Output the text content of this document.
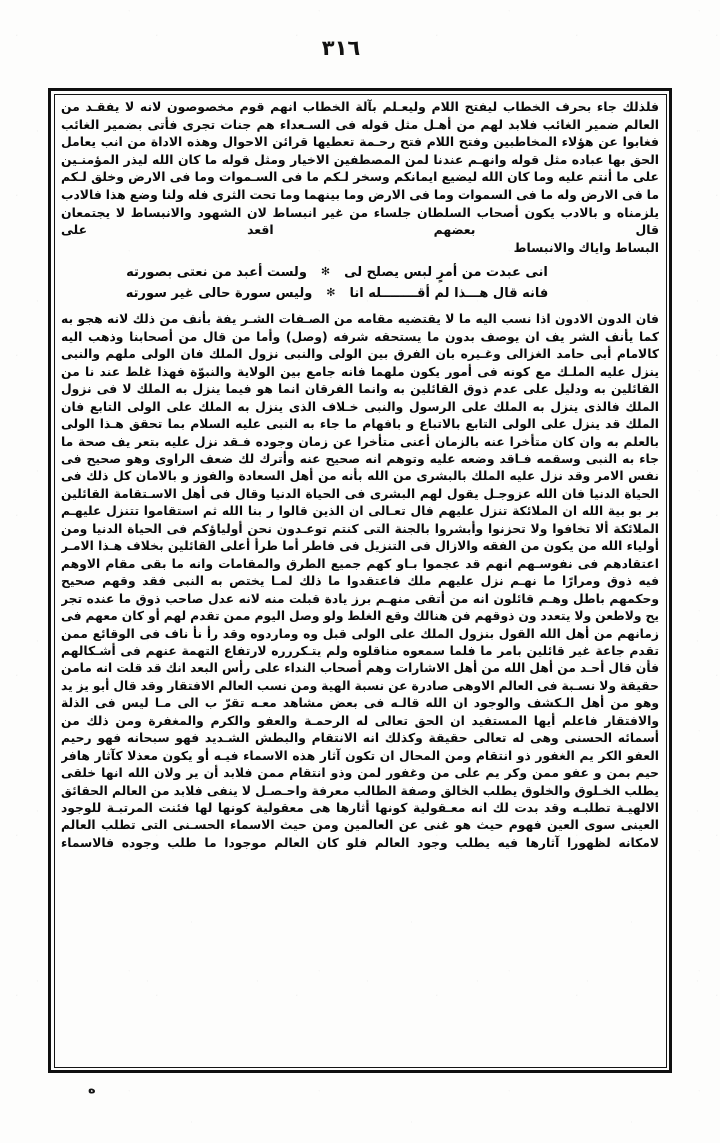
٣١٦

فلذلك جاء بحرف الخطاب ليفتح اللام وليعـلم بآلة الخطاب انهم قوم مخصوصون لانه لا يفقـد من العالم ضمير الغائب فلابد لهم من أهـل مثل قوله فى السـعداء هم جنات تجرى فأتى بضمير الغائب فغابوا عن هؤلاء المخاطبين وفتح اللام فتح رحـمة تعطيها قرائن الاحوال وهذه الاداة من انب يعامل الحق بها عباده مثل قوله وانهـم عندنا لمن المصطفين الاخيار ومثل قوله ما كان الله ليذر المؤمنـين على ما أنتم عليه وما كان الله ليضيع ايمانكم وسخر لـكم ما فى السـموات وما فى الارض وخلق لـكم ما فى الارض وله ما فى السموات وما فى الارض وما بينهما وما تحت الثرى فله ولنا وضع هذا فالادب يلزمناه و بالادب يكون أصحاب السلطان جلساء من غير انبساط لان الشهود والانبساط لا يجتمعان قال بعضهم اقعد على

البساط واياك والانبساط

انى عبدت من أمرٍ لبس يصلح لى
✻
ولست أعبد من نعتى بصورته
فانه قال هـــذا لم أقــــــــله انا
✻
وليس سورة حالى غير سورته

فان الدون الادون اذا نسب اليه ما لا يقتضيه مقامه من الصـفات الشـر يفة بأنف من ذلك لانه هجو به كما يأنف الشر يف ان يوصف بدون ما يستحقه شرفه (وصل) وأما من قال من أصحابنا وذهب اليه كالامام أبى حامد الغزالى وغـيره بان الفرق بين الولى والنبى نزول الملك فان الولى ملهم والنبى ينزل عليه الملـك مع كونه فى أمور يكون ملهما فانه جامع بين الولاية والنبوّة فهذا غلط عند نا من القائلين به ودليل على عدم ذوق القائلين به وانما الفرقان انما هو فيما ينزل به الملك لا فى نزول الملك فالذى ينزل به الملك على الرسول والنبى خـلاف الذى ينزل به الملك على الولى التابع فان الملك قد ينزل على الولى التابع بالاتباع و بافهام ما جاء به النبى عليه السلام بما تحقق هـذا الولى بالعلم به وان كان متأخرا عنه بالزمان أعنى متأخرا عن زمان وجوده فـقد نزل عليه بتعر يف صحة ما جاء به النبى وسقمه فـاقد وضعه عليه وتوهم انه صحيح عنه وأترك لك ضعف الراوى وهو صحيح فى نفس الامر وقد نزل عليه الملك بالبشرى من الله بأنه من أهل السعادة والفوز و بالامان كل ذلك فى الحياة الدنيا فان الله عزوجـل يقول لهم البشرى فى الحياة الدنيا وقال فى أهل الاسـتقامة القائلين بر بو بية الله ان الملائكة تنزل عليهم فال تعـالى ان الذين قالوا ر بنا الله ثم استقاموا تتنزل عليهـم الملائكة ألا تخافوا ولا تحزنوا وأبشروا بالجنة التى كنتم توعـدون نحن أولياؤكم فى الحياة الدنيا ومن أولياء الله من يكون من الفقه والازال فى التنزيل فى فاطر أما طرأ أعلى القائلين بخلاف هـذا الامـر اعتقادهم فى نفوسـهم انهم قد عجموا بـاو كهم جميع الطرق والمقامات وانه ما بقى مقام الاوهم فيه ذوق ومرارًا ما نهـم نزل عليهم ملك فاعتقدوا ما ذلك لمـا يختص به النبى فقد وقهم صحيح وحكمهم باطل وهـم قائلون انه من أتقى منهـم برز يادة قبلت منه لانه عدل صاحب ذوق ما عنده تجر يح ولاطعن ولا يتعدد ون ذوقهم فن هنالك وقع الغلط ولو وصل اليوم ممن تقدم لهم أو كان معهم فى زمانهم من أهل الله القول بنزول الملك على الولى قبل وه وماردوه وقد رأ نأ ناف فى الوقائع ممن تقدم جاعة غير قائلين بامر ما فلما سمعوه مناقلوه ولم يتـكررره لارتفاع التهمة عنهم فى أشـكالهم فأن قال أحـد من أهل الله من أهل الاشارات وهم أصحاب النداء على رأس البعد انك قد قلت انه مامن حقيقة ولا نسـبة فى العالم الاوهى صادرة عن نسبة الهية ومن نسب العالم الافتقار وقد قال أبو يز يد وهو من أهل الـكشف والوجود ان الله قالـه فى بعض مشاهد معـه تقرّ ب الى مـا ليس فى الذلة والافتقار فاعلم أيها المستفيد ان الحق تعالى له الرحمـة والعفو والكرم والمغفرة ومن ذلك من أسمائه الحسنى وهى له تعالى حقيقة وكذلك انه الانتقام والبطش الشـديد فهو سبحانه فهو رحيم العفو الكر يم الغفور ذو انتقام ومن المحال ان تكون آثار هذه الاسماء فيـه أو يكون معذلا كآثار هافر حيم بمن و عفو ممن وكر يم على من وغفور لمن وذو انتقام ممن فلابد أن ير ولان الله انها خلقى يطلب الخـلوق والخلوق يطلب الخالق وصفة الطالب معرفة واحـصـل لا ينفى فلابد من العالم الحقائق الالهيـة تطلبـه وقد بدت لك انه معـقولية كونها أثارها هى معقولية كونها لها فئنت المرتبـة للوجود العينى سوى العين فهوم حيث هو غنى عن العالمين ومن حيث الاسماء الحسـنى التى تطلب العالم لامكانه لظهورا آثارها فيه يطلب وجود العالم فلو كان العالم موجودا ما طلب وجوده فالاسماء

ه
